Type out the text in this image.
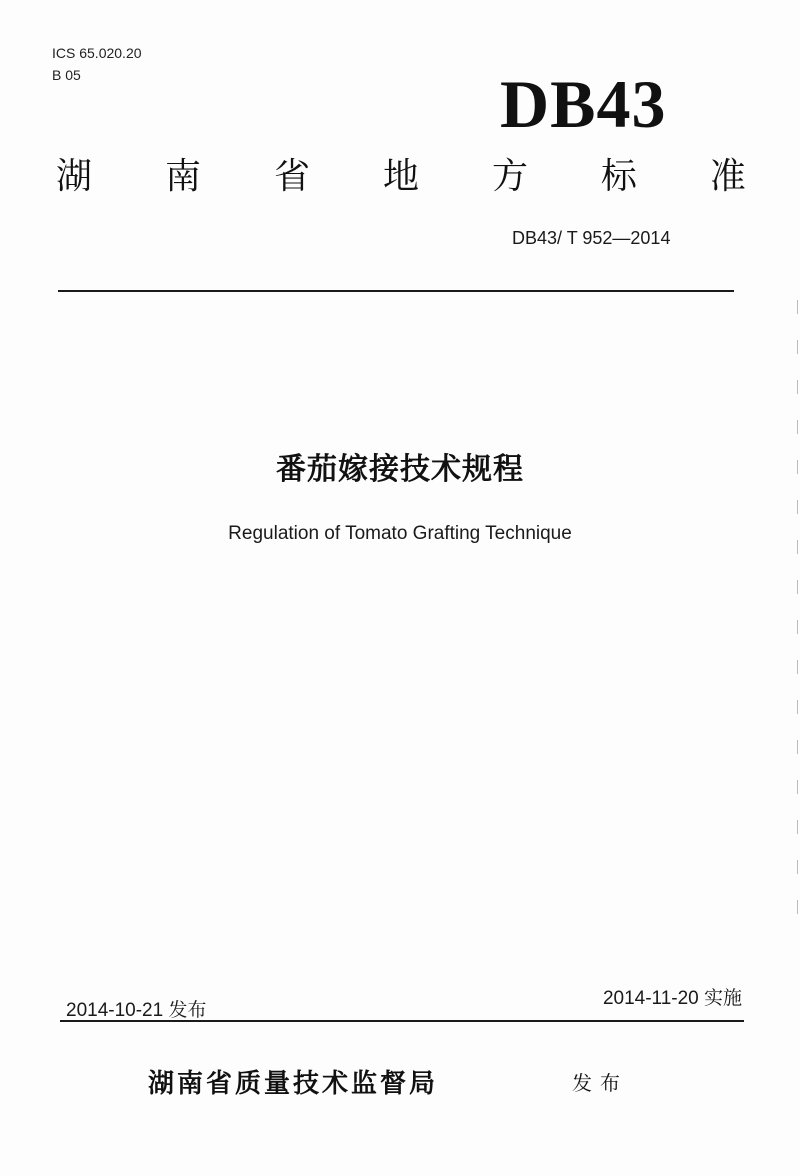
ICS 65.020.20
B 05	DB43
湖 南 省 地 方 标 准
DB43/ T 952—2014
番茄嫁接技术规程
Regulation of Tomato Grafting Technique
2014-10-21 发布
2014-11-20 实施
湖南省质量技术监督局	发布
